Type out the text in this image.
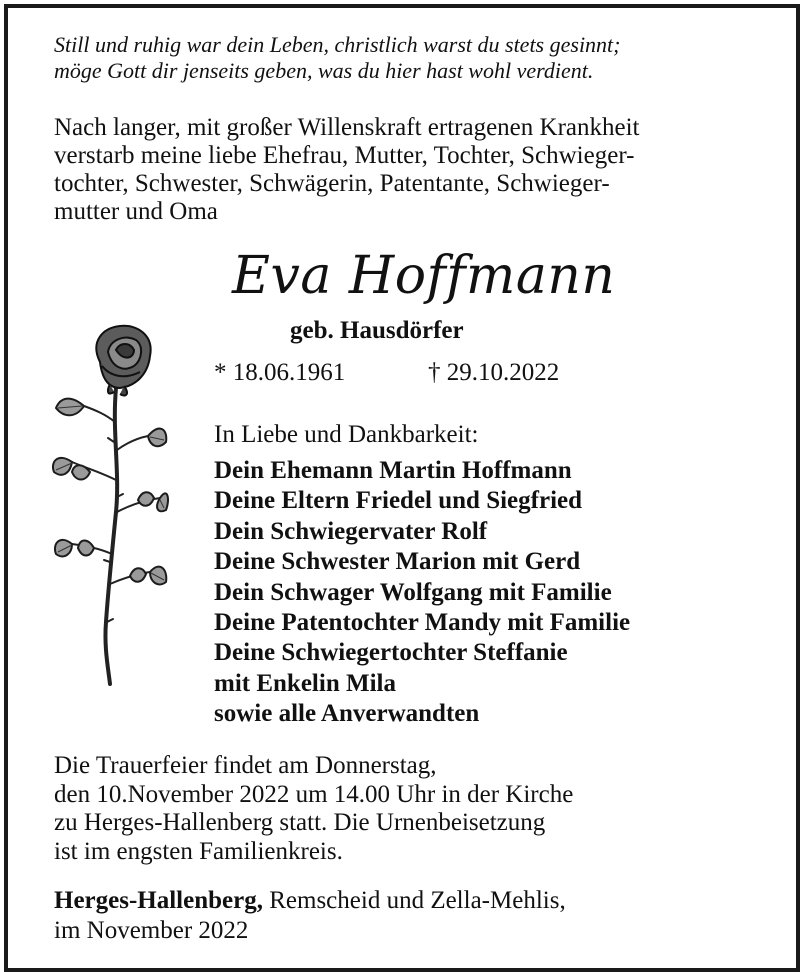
Still und ruhig war dein Leben, christlich warst du stets gesinnt;
möge Gott dir jenseits geben, was du hier hast wohl verdient.
Nach langer, mit großer Willenskraft ertragenen Krankheit
verstarb meine liebe Ehefrau, Mutter, Tochter, Schwieger-
tochter, Schwester, Schwägerin, Patentante, Schwieger-
mutter und Oma
Eva Hoffmann
geb. Hausdörfer
* 18.06.1961	† 29.10.2022
In Liebe und Dankbarkeit:
Dein Ehemann Martin Hoffmann
Deine Eltern Friedel und Siegfried
Dein Schwiegervater Rolf
Deine Schwester Marion mit Gerd
Dein Schwager Wolfgang mit Familie
Deine Patentochter Mandy mit Familie
Deine Schwiegertochter Steffanie
mit Enkelin Mila
sowie alle Anverwandten
Die Trauerfeier findet am Donnerstag,
den 10.November 2022 um 14.00 Uhr in der Kirche
zu Herges-Hallenberg statt. Die Urnenbeisetzung
ist im engsten Familienkreis.
Herges-Hallenberg, Remscheid und Zella-Mehlis,
im November 2022
